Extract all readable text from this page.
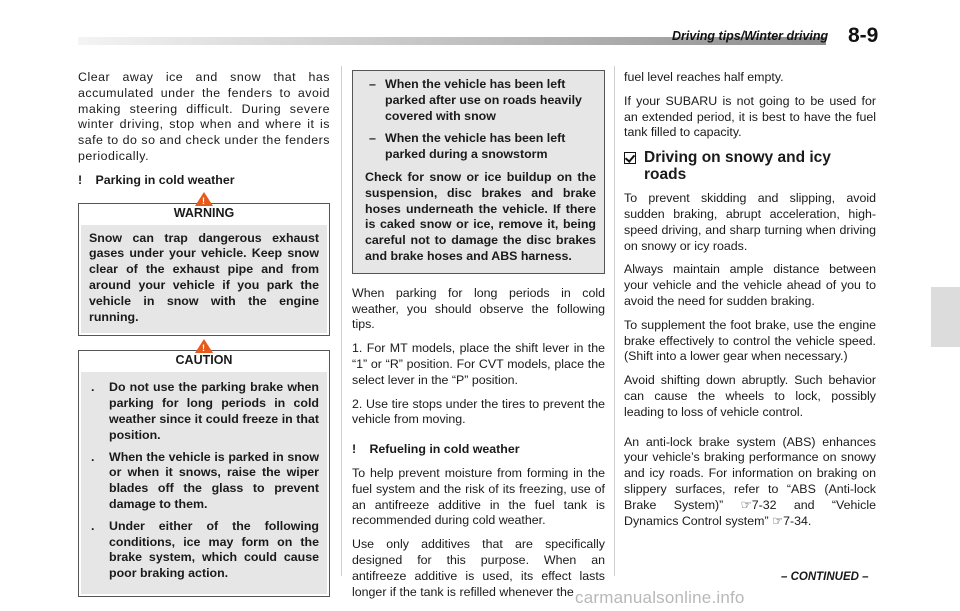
Driving tips/Winter driving 8-9

Clear away ice and snow that has accumulated under the fenders to avoid making steering difficult. During severe winter driving, stop when and where it is safe to do so and check under the fenders periodically.

! Parking in cold weather
!
WARNING
Snow can trap dangerous exhaust gases under your vehicle. Keep snow clear of the exhaust pipe and from around your vehicle if you park the vehicle in snow with the engine running.
!
CAUTION
.	Do not use the parking brake when parking for long periods in cold weather since it could freeze in that position.
.	When the vehicle is parked in snow or when it snows, raise the wiper blades off the glass to prevent damage to them.
.	Under either of the following conditions, ice may form on the brake system, which could cause poor braking action.
– When the vehicle has been left parked after use on roads heavily covered with snow
– When the vehicle has been left parked during a snowstorm
Check for snow or ice buildup on the suspension, disc brakes and brake hoses underneath the vehicle. If there is caked snow or ice, remove it, being careful not to damage the disc brakes and brake hoses and ABS harness.

When parking for long periods in cold weather, you should observe the following tips.

1. For MT models, place the shift lever in the “1” or “R” position. For CVT models, place the select lever in the “P” position.

2. Use tire stops under the tires to prevent the vehicle from moving.

! Refueling in cold weather

To help prevent moisture from forming in the fuel system and the risk of its freezing, use of an antifreeze additive in the fuel tank is recommended during cold weather.

Use only additives that are specifically designed for this purpose. When an antifreeze additive is used, its effect lasts longer if the tank is refilled whenever the

fuel level reaches half empty.

If your SUBARU is not going to be used for an extended period, it is best to have the fuel tank filled to capacity.

Driving on snowy and icy roads

To prevent skidding and slipping, avoid sudden braking, abrupt acceleration, high-speed driving, and sharp turning when driving on snowy or icy roads.

Always maintain ample distance between your vehicle and the vehicle ahead of you to avoid the need for sudden braking.

To supplement the foot brake, use the engine brake effectively to control the vehicle speed. (Shift into a lower gear when necessary.)

Avoid shifting down abruptly. Such behavior can cause the wheels to lock, possibly leading to loss of vehicle control.

An anti-lock brake system (ABS) enhances your vehicle’s braking performance on snowy and icy roads. For information on braking on slippery surfaces, refer to “ABS (Anti-lock Brake System)” ☞7-32 and “Vehicle Dynamics Control system” ☞7-34.

– CONTINUED –
carmanualsonline.info
